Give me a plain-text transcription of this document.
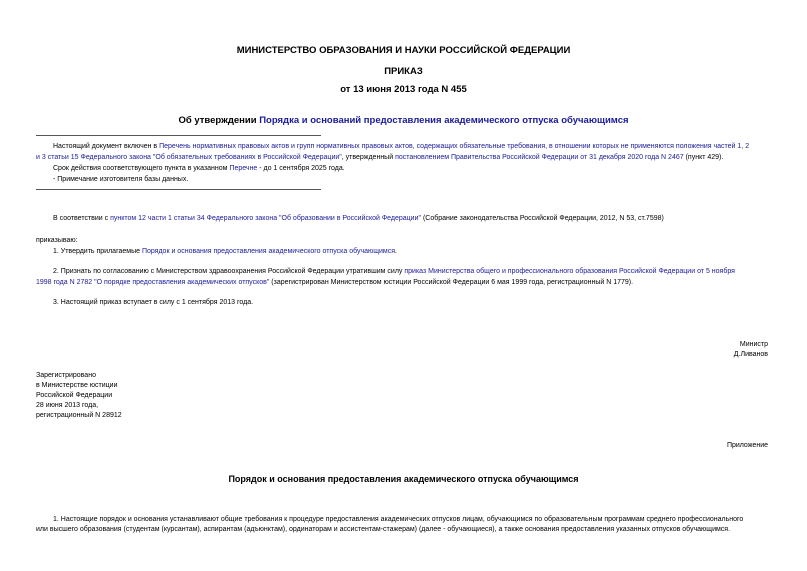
МИНИСТЕРСТВО ОБРАЗОВАНИЯ И НАУКИ РОССИЙСКОЙ ФЕДЕРАЦИИ
ПРИКАЗ
от 13 июня 2013 года N 455
Об утверждении Порядка и оснований предоставления академического отпуска обучающимся
Настоящий документ включен в Перечень нормативных правовых актов и групп нормативных правовых актов, содержащих обязательные требования, в отношении которых не применяются положения частей 1, 2
и 3 статьи 15 Федерального закона "Об обязательных требованиях в Российской Федерации", утвержденный постановлением Правительства Российской Федерации от 31 декабря 2020 года N 2467 (пункт 429).
Срок действия соответствующего пункта в указанном Перечне - до 1 сентября 2025 года.
- Примечание изготовителя базы данных.
В соответствии с пунктом 12 части 1 статьи 34 Федерального закона "Об образовании в Российской Федерации" (Собрание законодательства Российской Федерации, 2012, N 53, ст.7598)
приказываю:
1. Утвердить прилагаемые Порядок и основания предоставления академического отпуска обучающимся.
2. Признать по согласованию с Министерством здравоохранения Российской Федерации утратившим силу приказ Министерства общего и профессионального образования Российской Федерации от 5 ноября
1998 года N 2782 "О порядке предоставления академических отпусков" (зарегистрирован Министерством юстиции Российской Федерации 6 мая 1999 года, регистрационный N 1779).
3. Настоящий приказ вступает в силу с 1 сентября 2013 года.
Министр
Д.Ливанов
Зарегистрировано
в Министерстве юстиции
Российской Федерации
28 июня 2013 года,
регистрационный N 28912
Приложение
Порядок и основания предоставления академического отпуска обучающимся
1. Настоящие порядок и основания устанавливают общие требования к процедуре предоставления академических отпусков лицам, обучающимся по образовательным программам среднего профессионального
или высшего образования (студентам (курсантам), аспирантам (адъюнктам), ординаторам и ассистентам-стажерам) (далее - обучающиеся), а также основания предоставления указанных отпусков обучающимся.
